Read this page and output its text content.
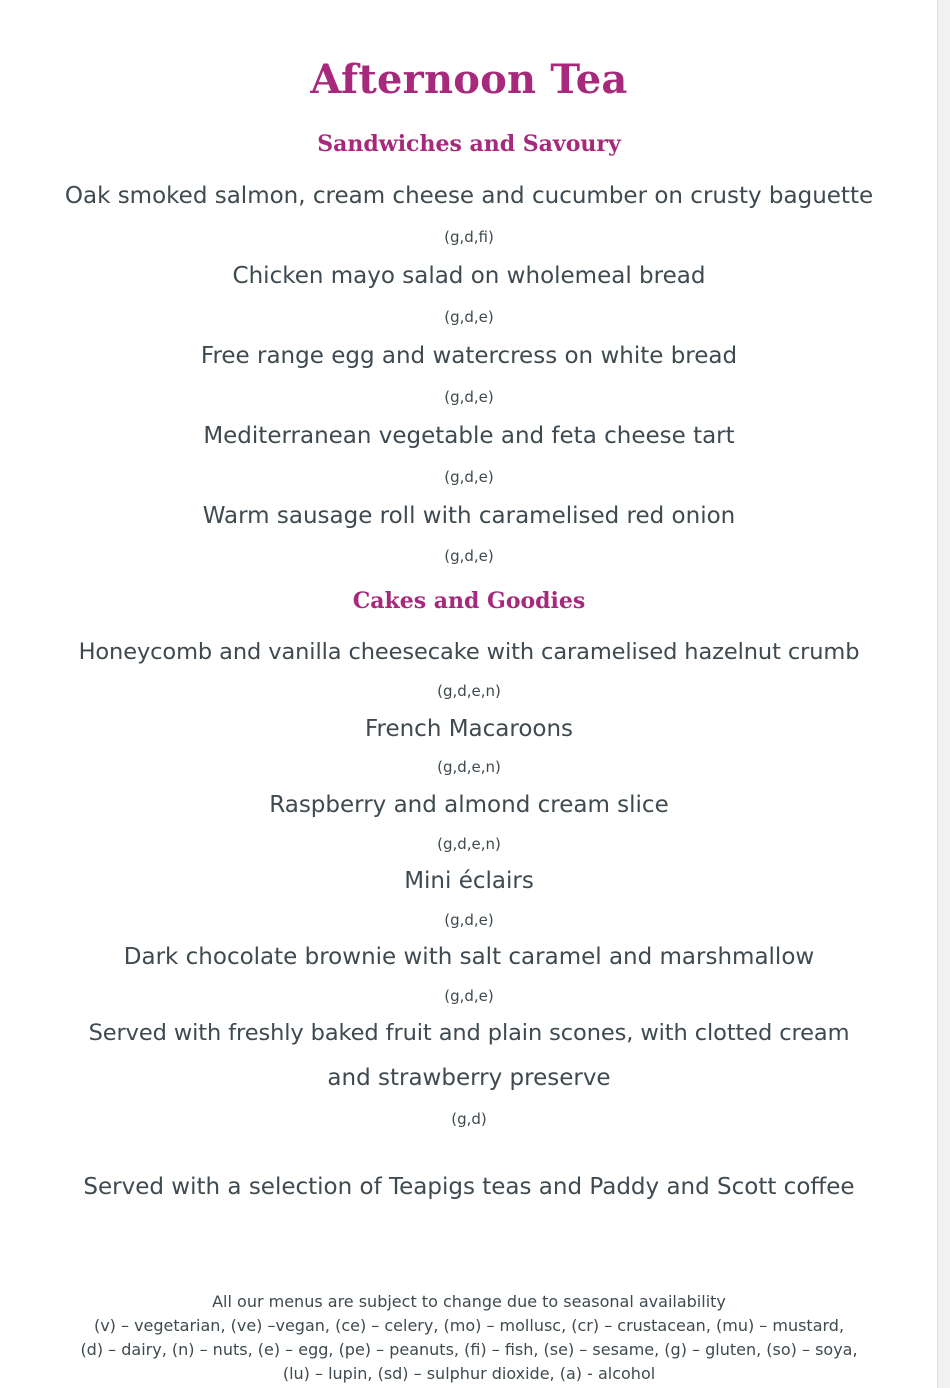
Afternoon Tea
Sandwiches and Savoury

Oak smoked salmon, cream cheese and cucumber on crusty baguette

(g,d,fi)

Chicken mayo salad on wholemeal bread

(g,d,e)

Free range egg and watercress on white bread

(g,d,e)

Mediterranean vegetable and feta cheese tart

(g,d,e)

Warm sausage roll with caramelised red onion

(g,d,e)

Cakes and Goodies

Honeycomb and vanilla cheesecake with caramelised hazelnut crumb

(g,d,e,n)

French Macaroons

(g,d,e,n)

Raspberry and almond cream slice

(g,d,e,n)

Mini éclairs

(g,d,e)

Dark chocolate brownie with salt caramel and marshmallow

(g,d,e)

Served with freshly baked fruit and plain scones, with clotted cream

and strawberry preserve

(g,d)

Served with a selection of Teapigs teas and Paddy and Scott coffee

All our menus are subject to change due to seasonal availability

(v) – vegetarian, (ve) –vegan, (ce) – celery, (mo) – mollusc, (cr) – crustacean, (mu) – mustard,

(d) – dairy, (n) – nuts, (e) – egg, (pe) – peanuts, (fi) – fish, (se) – sesame, (g) – gluten, (so) – soya,

(lu) – lupin, (sd) – sulphur dioxide, (a) - alcohol
